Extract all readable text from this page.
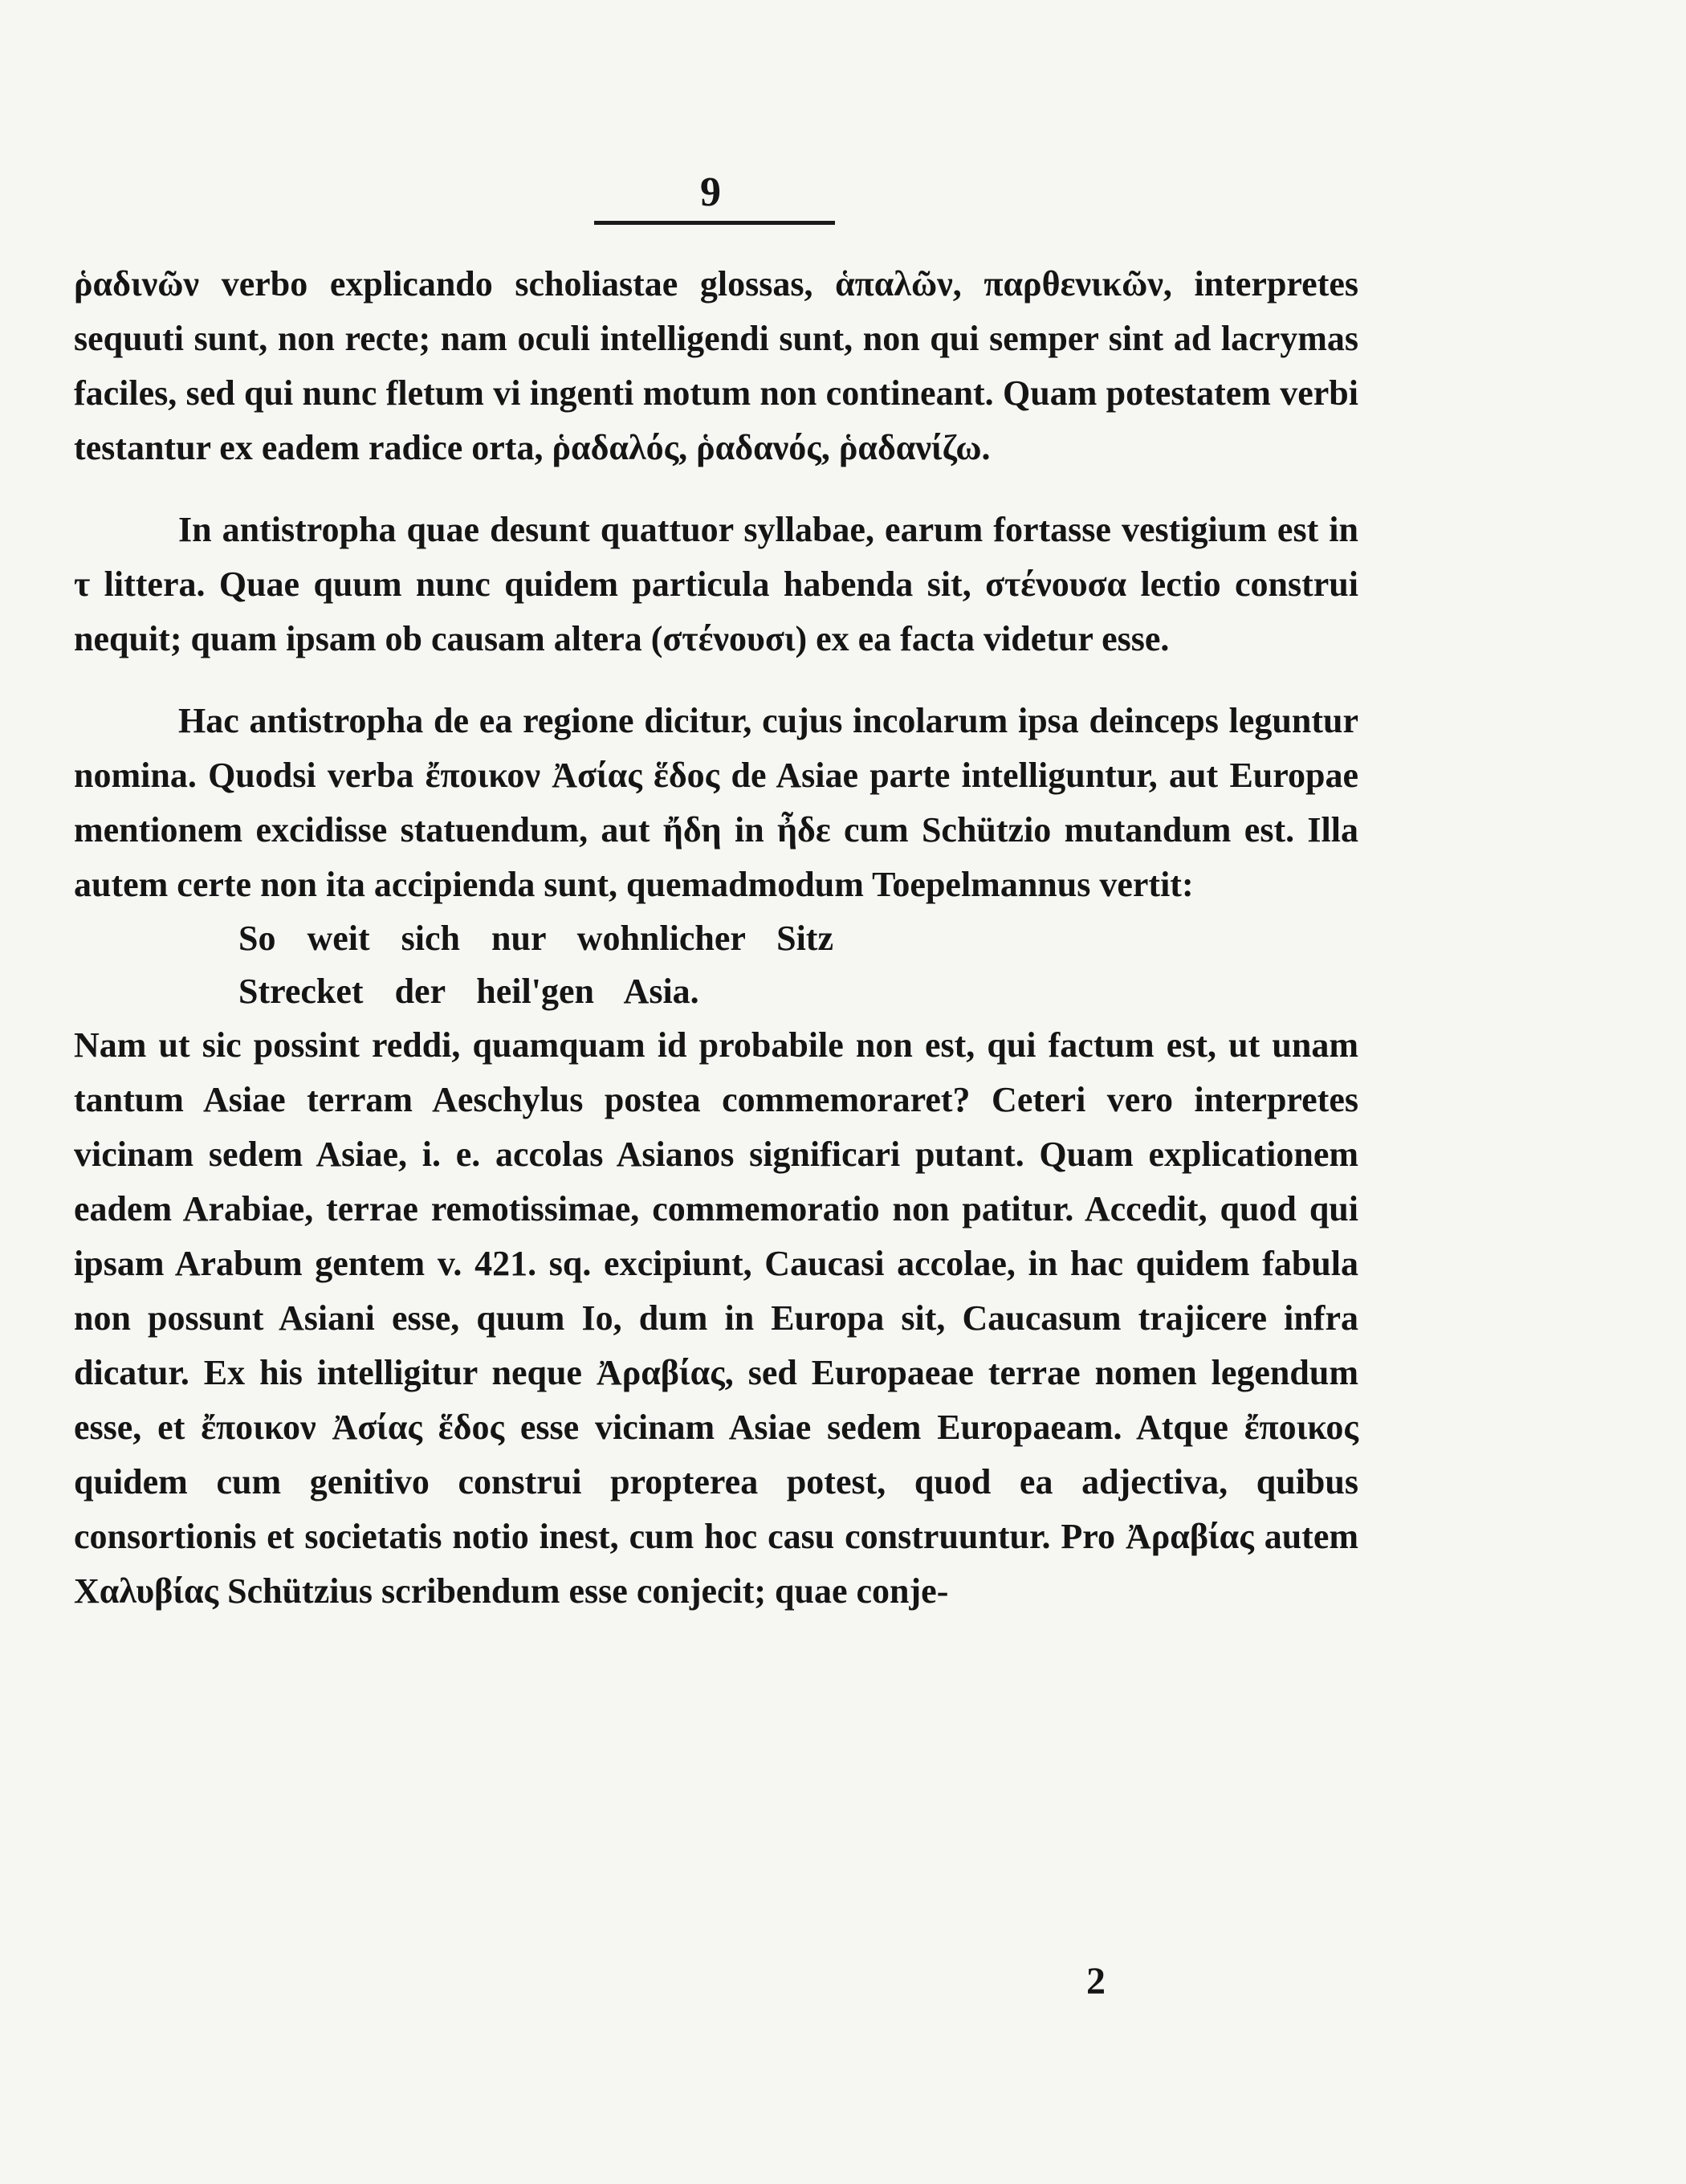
9

ῥαδινῶν verbo explicando scholiastae glossas, ἁπαλῶν, παρθενικῶν, interpretes sequuti sunt, non recte; nam oculi intelligendi sunt, non qui semper sint ad lacrymas faciles, sed qui nunc fletum vi ingenti motum non contineant. Quam potestatem verbi testantur ex eadem radice orta, ῥαδαλός, ῥαδανός, ῥαδανίζω.

In antistropha quae desunt quattuor syllabae, earum fortasse vestigium est in τ littera. Quae quum nunc quidem particula habenda sit, στένουσα lectio construi nequit; quam ipsam ob causam altera (στένουσι) ex ea facta videtur esse.

Hac antistropha de ea regione dicitur, cujus incolarum ipsa deinceps leguntur nomina. Quodsi verba ἔποικον Ἀσίας ἕδος de Asiae parte intelliguntur, aut Europae mentionem excidisse statuendum, aut ἤδη in ἦδε cum Schützio mutandum est. Illa autem certe non ita accipienda sunt, quemadmodum Toepelmannus vertit:

So weit sich nur wohnlicher Sitz
Strecket der heil'gen Asia.

Nam ut sic possint reddi, quamquam id probabile non est, qui factum est, ut unam tantum Asiae terram Aeschylus postea commemoraret? Ceteri vero interpretes vicinam sedem Asiae, i. e. accolas Asianos significari putant. Quam explicationem eadem Arabiae, terrae remotissimae, commemoratio non patitur. Accedit, quod qui ipsam Arabum gentem v. 421. sq. excipiunt, Caucasi accolae, in hac quidem fabula non possunt Asiani esse, quum Io, dum in Europa sit, Caucasum trajicere infra dicatur. Ex his intelligitur neque Ἀραβίας, sed Europaeae terrae nomen legendum esse, et ἔποικον Ἀσίας ἕδος esse vicinam Asiae sedem Europaeam. Atque ἔποικος quidem cum genitivo construi propterea potest, quod ea adjectiva, quibus consortionis et societatis notio inest, cum hoc casu construuntur. Pro Ἀραβίας autem Χαλυβίας Schützius scribendum esse conjecit; quae conje-

2
